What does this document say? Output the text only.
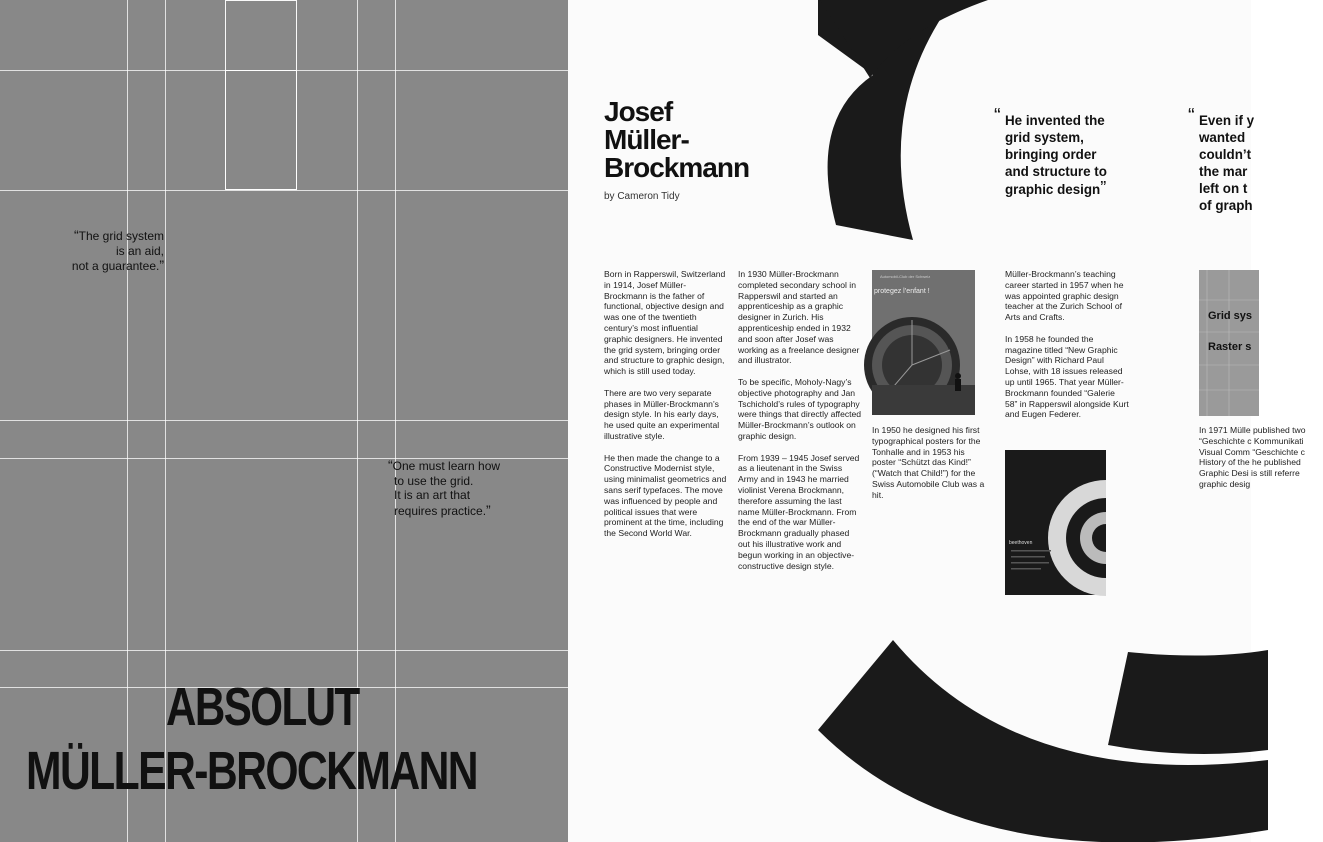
“The grid system
is an aid,
not a guarantee.”
“One must learn how
to use the grid.
It is an art that
requires practice.”
ABSOLUT
MÜLLER-BROCKMANN
Josef
Müller-
Brockmann
by Cameron Tidy
“ He invented the
grid system,
bringing order
and structure to
graphic design”
“ Even if y
wanted
couldn’t
the mar
left on t
of graph

Born in Rapperswil, Switzerland in 1914, Josef Müller-Brockmann is the father of functional, objective design and was one of the twentieth century’s most influential graphic designers. He invented the grid system, bringing order and structure to graphic design, which is still used today.

There are two very separate phases in Müller-Brockmann’s design style. In his early days, he used quite an experimental illustrative style.

He then made the change to a Constructive Modernist style, using minimalist geometrics and sans serif typefaces. The move was influenced by people and political issues that were prominent at the time, including the Second World War.

In 1930 Müller-Brockmann completed secondary school in Rapperswil and started an apprenticeship as a graphic designer in Zurich. His apprenticeship ended in 1932 and soon after Josef was working as a freelance designer and illustrator.

To be specific, Moholy-Nagy’s objective photography and Jan Tschichold’s rules of typography were things that directly affected Müller-Brockmann’s outlook on graphic design.

From 1939 – 1945 Josef served as a lieutenant in the Swiss Army and in 1943 he married violinist Verena Brockmann, therefore assuming the last name Müller-Brockmann. From the end of the war Müller-Brockmann gradually phased out his illustrative work and begun working in an objective-constructive design style.

In 1950 he designed his first typographical posters for the Tonhalle and in 1953 his poster “Schützt das Kind!” (“Watch that Child!”) for the Swiss Automobile Club was a hit.

Müller-Brockmann’s teaching career started in 1957 when he was appointed graphic design teacher at the Zurich School of Arts and Crafts.

In 1958 he founded the magazine titled “New Graphic Design” with Richard Paul Lohse, with 18 issues released up until 1965. That year Müller-Brockmann founded “Galerie 58” in Rapperswil alongside Kurt and Eugen Federer.

In 1971 Mülle published two “Geschichte c Kommunikati Visual Comm “Geschichte c History of the he published Graphic Desi is still referre graphic desig

Automobil-Club der Schweiz
protegez l’enfant !
beethoven
Grid sys
Raster s
